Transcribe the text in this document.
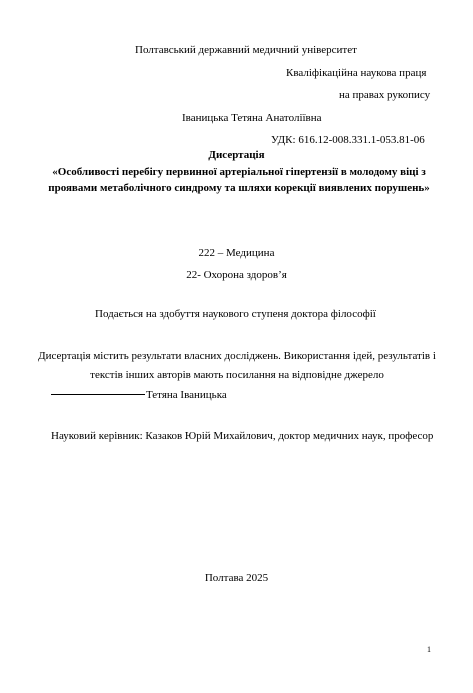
Полтавський державний медичний університет
Кваліфікаційна наукова праця
на правах рукопису
Іваницька Тетяна Анатоліївна
УДК: 616.12-008.331.1-053.81-06
Дисертація
«Особливості перебігу первинної артеріальної гіпертензії в молодому віці з проявами метаболічного синдрому та шляхи корекції виявлених порушень»
222 – Медицина
22- Охорона здоров’я
Подається на здобуття наукового ступеня доктора філософії
Дисертація містить результати власних досліджень. Використання ідей, результатів і текстів інших авторів мають посилання на відповідне джерело
Тетяна Іваницька
Науковий керівник: Казаков Юрій Михайлович, доктор медичних наук, професор
Полтава 2025
1
